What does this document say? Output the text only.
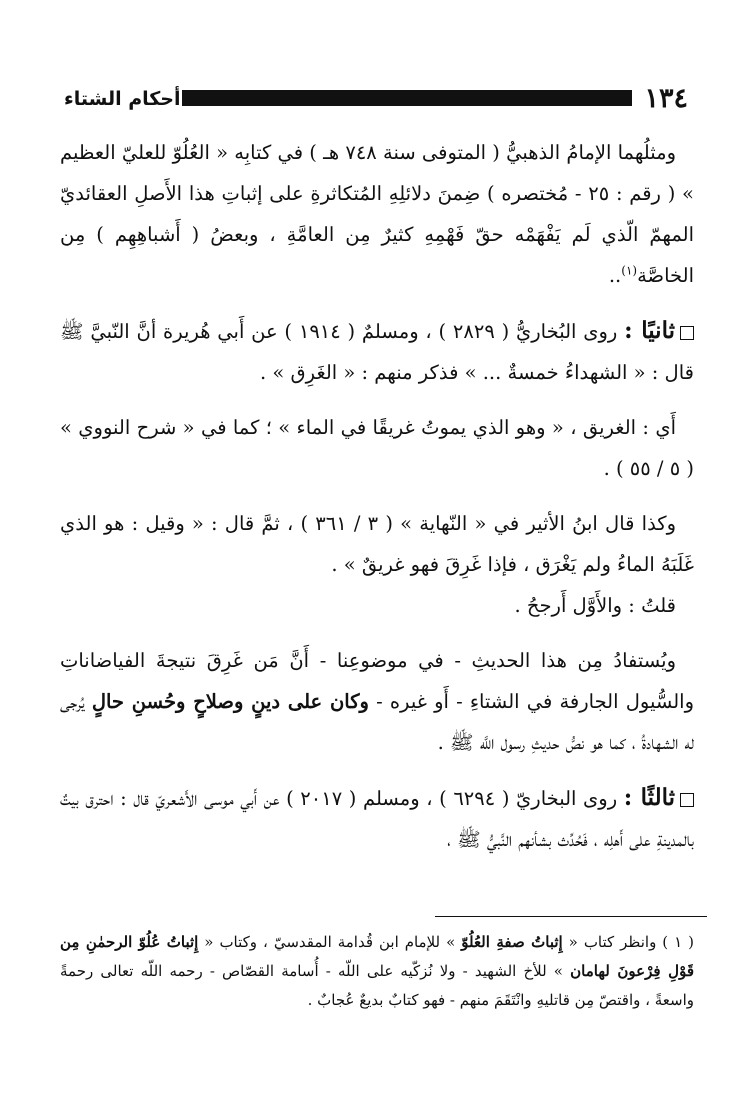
١٣٤
أحكام الشتاء

ومثلُهما الإمامُ الذهبيُّ ( المتوفى سنة ٧٤٨ هـ ) في كتابِه « العُلُوّ للعليّ العظيم » ( رقم : ٢٥ - مُختصره ) ضِمنَ دلائلِهِ المُتكاثرةِ على إثباتِ هذا الأَصلِ العقائديّ المهمّ الّذي لَم يَفْهَمْه حقّ فَهْمِهِ كثيرٌ مِن العامَّةِ ، وبعضُ ( أَشباهِهِم ) مِن الخاصَّة$^{(١)}$..

ثانيًا : روى البُخاريُّ ( ٢٨٢٩ ) ، ومسلمٌ ( ١٩١٤ ) عن أَبي هُريرة أنَّ النّبيَّ ﷺ قال : « الشهداءُ خمسةٌ ... » فذكر منهم : « الغَرِق » .

أَي : الغريق ، « وهو الذي يموتُ غريقًا في الماء » ؛ كما في « شرح النووي » ( ٥ / ٥٥ ) .

وكذا قال ابنُ الأثير في « النّهاية » ( ٣ / ٣٦١ ) ، ثمَّ قال : « وقيل : هو الذي غَلَبَهُ الماءُ ولم يَغْرَق ، فإذا غَرِقَ فهو غريقٌ » .

قلتُ : والأَوَّل أَرجحُ .

ويُستفادُ مِن هذا الحديثِ - في موضوعِنا - أَنَّ مَن غَرِقَ نتيجةَ الفياضاناتِ والسُّيول الجارفة في الشتاءِ - أَو غيره - وكان على دينٍ وصلاحٍ وحُسنِ حالٍ يُرجى له الشهادةُ ، كما هو نصُّ حديثِ رسول اللَّه ﷺ .

ثالثًا : روى البخاريّ ( ٦٢٩٤ ) ، ومسلم ( ٢٠١٧ ) عن أَبي موسى الأَشعريّ قال : احترق بيتٌ بالمدينةِ على أَهلِه ، فَحُدِّث بشأنهم النَّبيُّ ﷺ ،

( ١ ) وانظر كتاب « إِثباتُ صفةِ العُلُوّ » للإمام ابن قُدامة المقدسيّ ، وكتاب « إِثباتُ عُلُوّ الرحمٰنِ مِن قَوْلِ فِرْعونَ لهامان » للأخ الشهيد - ولا نُزكّيه على اللّه - أُسامة القصّاص - رحمه اللّه تعالى رحمةً واسعةً ، واقتصّ مِن قاتليهِ وانْتَقَمَ منهم - فهو كتابٌ بديعٌ عُجابٌ .
